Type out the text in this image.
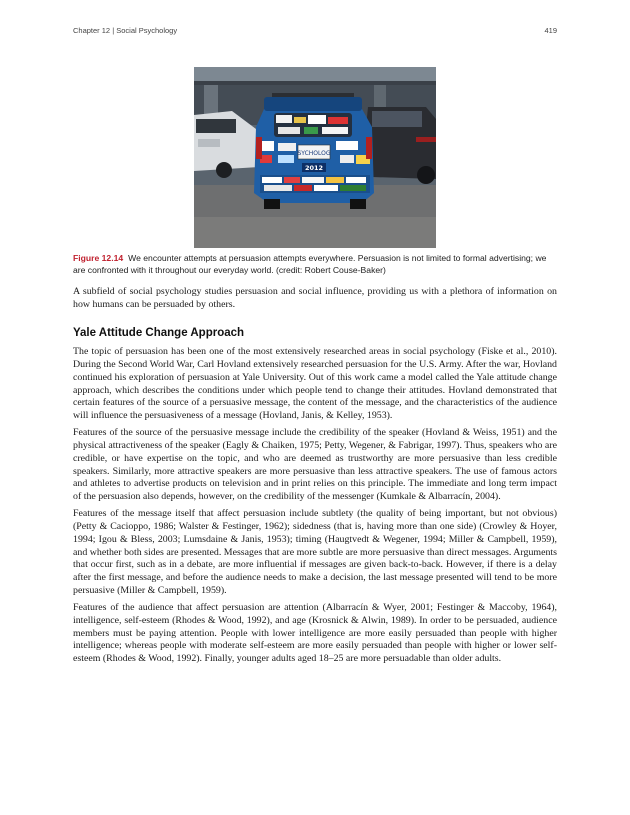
Chapter 12 | Social Psychology	419
SYCHOLOG
2012
Figure 12.14 We encounter attempts at persuasion attempts everywhere. Persuasion is not limited to formal advertising; we are confronted with it throughout our everyday world. (credit: Robert Couse-Baker)

A subfield of social psychology studies persuasion and social influence, providing us with a plethora of information on how humans can be persuaded by others.

Yale Attitude Change Approach

The topic of persuasion has been one of the most extensively researched areas in social psychology (Fiske et al., 2010). During the Second World War, Carl Hovland extensively researched persuasion for the U.S. Army. After the war, Hovland continued his exploration of persuasion at Yale University. Out of this work came a model called the Yale attitude change approach, which describes the conditions under which people tend to change their attitudes. Hovland demonstrated that certain features of the source of a persuasive message, the content of the message, and the characteristics of the audience will influence the persuasiveness of a message (Hovland, Janis, & Kelley, 1953).

Features of the source of the persuasive message include the credibility of the speaker (Hovland & Weiss, 1951) and the physical attractiveness of the speaker (Eagly & Chaiken, 1975; Petty, Wegener, & Fabrigar, 1997). Thus, speakers who are credible, or have expertise on the topic, and who are deemed as trustworthy are more persuasive than less credible speakers. Similarly, more attractive speakers are more persuasive than less attractive speakers. The use of famous actors and athletes to advertise products on television and in print relies on this principle. The immediate and long term impact of the persuasion also depends, however, on the credibility of the messenger (Kumkale & Albarracín, 2004).

Features of the message itself that affect persuasion include subtlety (the quality of being important, but not obvious) (Petty & Cacioppo, 1986; Walster & Festinger, 1962); sidedness (that is, having more than one side) (Crowley & Hoyer, 1994; Igou & Bless, 2003; Lumsdaine & Janis, 1953); timing (Haugtvedt & Wegener, 1994; Miller & Campbell, 1959), and whether both sides are presented. Messages that are more subtle are more persuasive than direct messages. Arguments that occur first, such as in a debate, are more influential if messages are given back-to-back. However, if there is a delay after the first message, and before the audience needs to make a decision, the last message presented will tend to be more persuasive (Miller & Campbell, 1959).

Features of the audience that affect persuasion are attention (Albarracín & Wyer, 2001; Festinger & Maccoby, 1964), intelligence, self-esteem (Rhodes & Wood, 1992), and age (Krosnick & Alwin, 1989). In order to be persuaded, audience members must be paying attention. People with lower intelligence are more easily persuaded than people with higher intelligence; whereas people with moderate self-esteem are more easily persuaded than people with higher or lower self-esteem (Rhodes & Wood, 1992). Finally, younger adults aged 18–25 are more persuadable than older adults.
